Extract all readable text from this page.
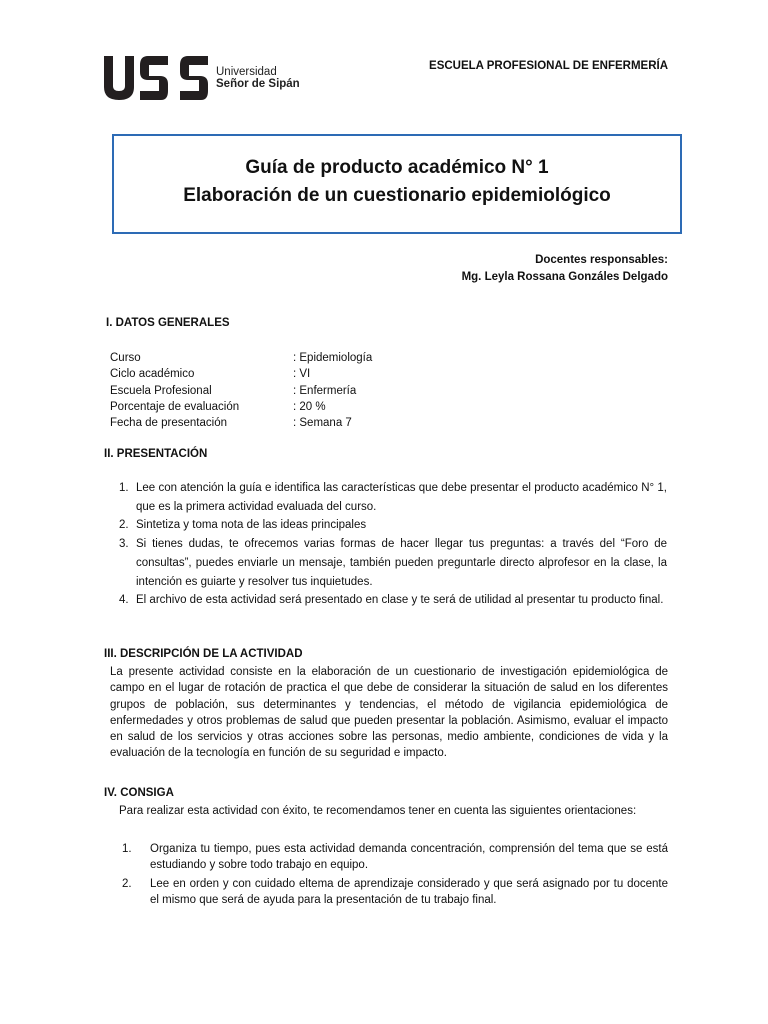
Universidad
Señor de Sipán
ESCUELA PROFESIONAL DE ENFERMERÍA
Guía de producto académico N° 1
Elaboración de un cuestionario epidemiológico
Docentes responsables:
Mg. Leyla Rossana Gonzáles Delgado
I. DATOS GENERALES
Curso	: Epidemiología
Ciclo académico	: VI
Escuela Profesional	: Enfermería
Porcentaje de evaluación	: 20 %
Fecha de presentación	: Semana 7
II. PRESENTACIÓN
1. Lee con atención la guía e identifica las características que debe presentar el producto académico N° 1, que es la primera actividad evaluada del curso.
2. Sintetiza y toma nota de las ideas principales
3. Si tienes dudas, te ofrecemos varias formas de hacer llegar tus preguntas: a través del “Foro de consultas”, puedes enviarle un mensaje, también pueden preguntarle directo alprofesor en la clase, la intención es guiarte y resolver tus inquietudes.
4. El archivo de esta actividad será presentado en clase y te será de utilidad al presentar tu producto final.
III. DESCRIPCIÓN DE LA ACTIVIDAD
La presente actividad consiste en la elaboración de un cuestionario de investigación epidemiológica de campo en el lugar de rotación de practica el que debe de considerar la situación de salud en los diferentes grupos de población, sus determinantes y tendencias, el método de vigilancia epidemiológica de enfermedades y otros problemas de salud que pueden presentar la población. Asimismo, evaluar el impacto en salud de los servicios y otras acciones sobre las personas, medio ambiente, condiciones de vida y la evaluación de la tecnología en función de su seguridad e impacto.
IV. CONSIGA
Para realizar esta actividad con éxito, te recomendamos tener en cuenta las siguientes orientaciones:
1.	Organiza tu tiempo, pues esta actividad demanda concentración, comprensión del tema que se está estudiando y sobre todo trabajo en equipo.
2.	Lee en orden y con cuidado eltema de aprendizaje considerado y que será asignado por tu docente el mismo que será de ayuda para la presentación de tu trabajo final.
